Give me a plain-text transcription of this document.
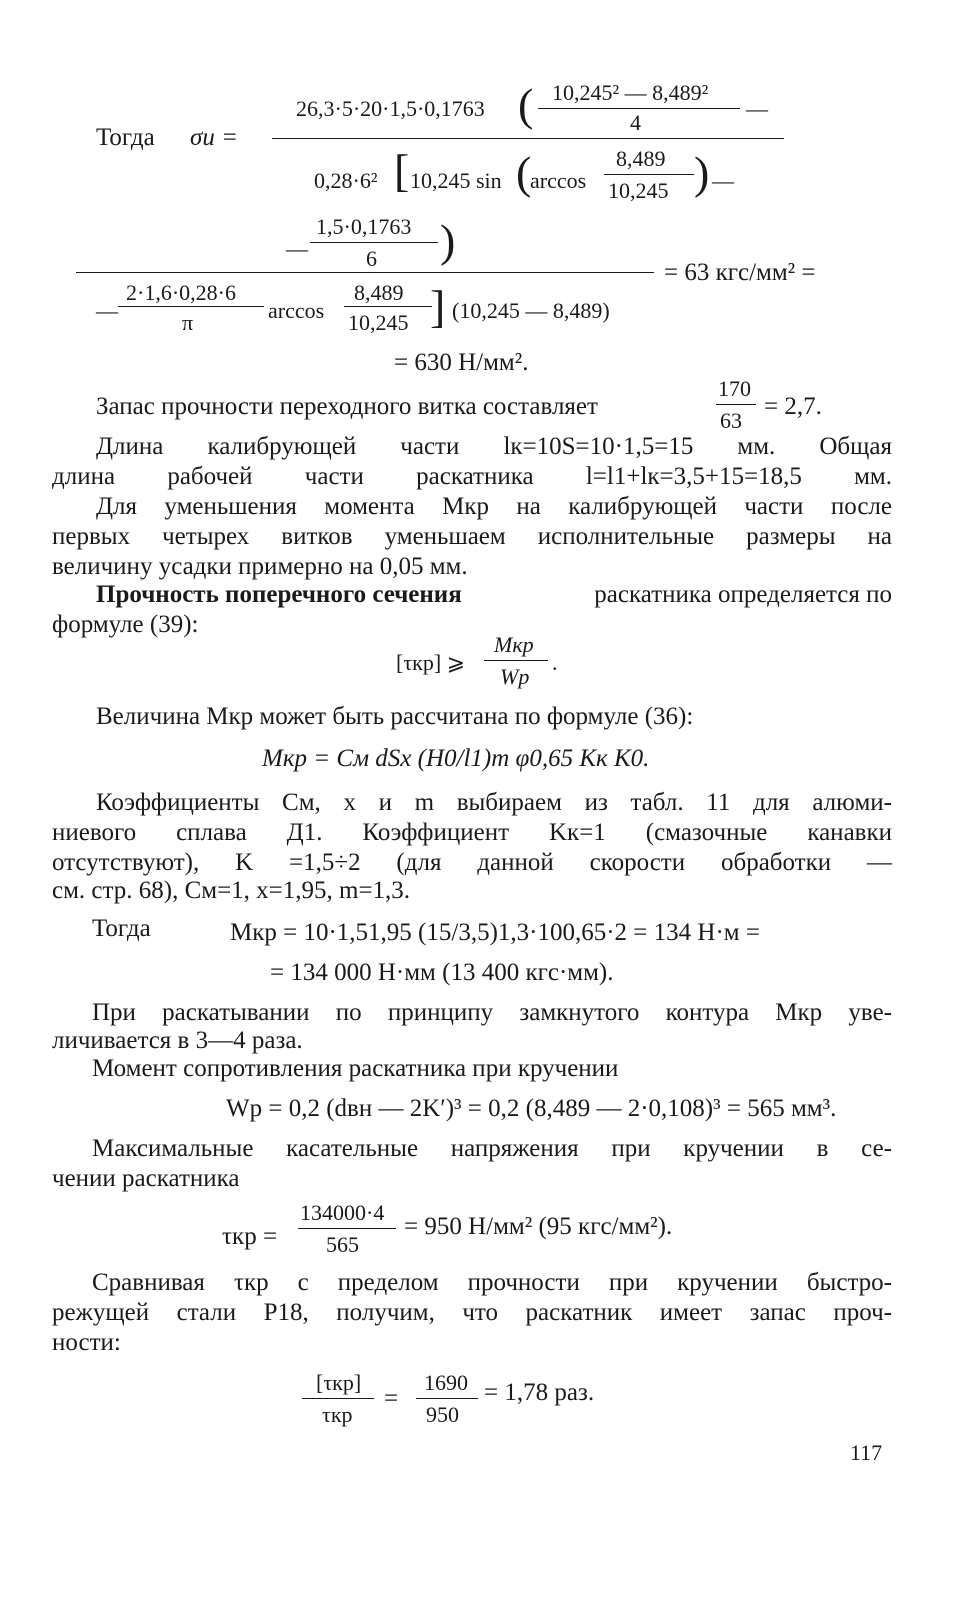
Тогда σи =
26,3·5·20·1,5·0,1763 ( 10,245² — 8,489²
4
—
0,28·6² [ 10,245 sin (
arccos
8,489
10,245 ) —
—
1,5·0,1763
6 )
= 63 кгс/мм² =
—
2·1,6·0,28·6
π	arccos
8,489
10,245 ] (10,245 — 8,489)
= 630 Н/мм².
Запас прочности переходного витка составляет
170
63
= 2,7.
Длина калибрующей части lк=10S=10·1,5=15 мм. Общая
длина рабочей части раскатника l=l1+lк=3,5+15=18,5 мм.
Для уменьшения момента Mкр на калибрующей части после
первых четырех витков уменьшаем исполнительные размеры на
величину усадки примерно на 0,05 мм.
Прочность поперечного сечения	раскатника определяется по
формуле (39):
[τкр] ⩾
Mкр
Wр
.
Величина Mкр может быть рассчитана по формуле (36):
Mкр = Cм dSx (H0/l1)m φ0,65 Kк K0.
Коэффициенты Cм, x и m выбираем из табл. 11 для алюми-
ниевого сплава Д1. Коэффициент Kк=1 (смазочные канавки
отсутствуют), K =1,5÷2 (для данной скорости обработки —
см. стр. 68), Cм=1, x=1,95, m=1,3.
Тогда	Mкр = 10·1,51,95 (15/3,5)1,3·100,65·2 = 134 Н·м =
= 134 000 Н·мм (13 400 кгс·мм).
При раскатывании по принципу замкнутого контура Mкр уве-
личивается в 3—4 раза.
Момент сопротивления раскатника при кручении
Wр = 0,2 (dвн — 2K′)³ = 0,2 (8,489 — 2·0,108)³ = 565 мм³.
Максимальные касательные напряжения при кручении в се-
чении раскатника
τкр =
134000·4
565
= 950 Н/мм² (95 кгс/мм²).
Сравнивая τкр с пределом прочности при кручении быстро-
режущей стали Р18, получим, что раскатник имеет запас проч-
ности:
[τкр]
τкр
=
1690
950
= 1,78 раз.
117
